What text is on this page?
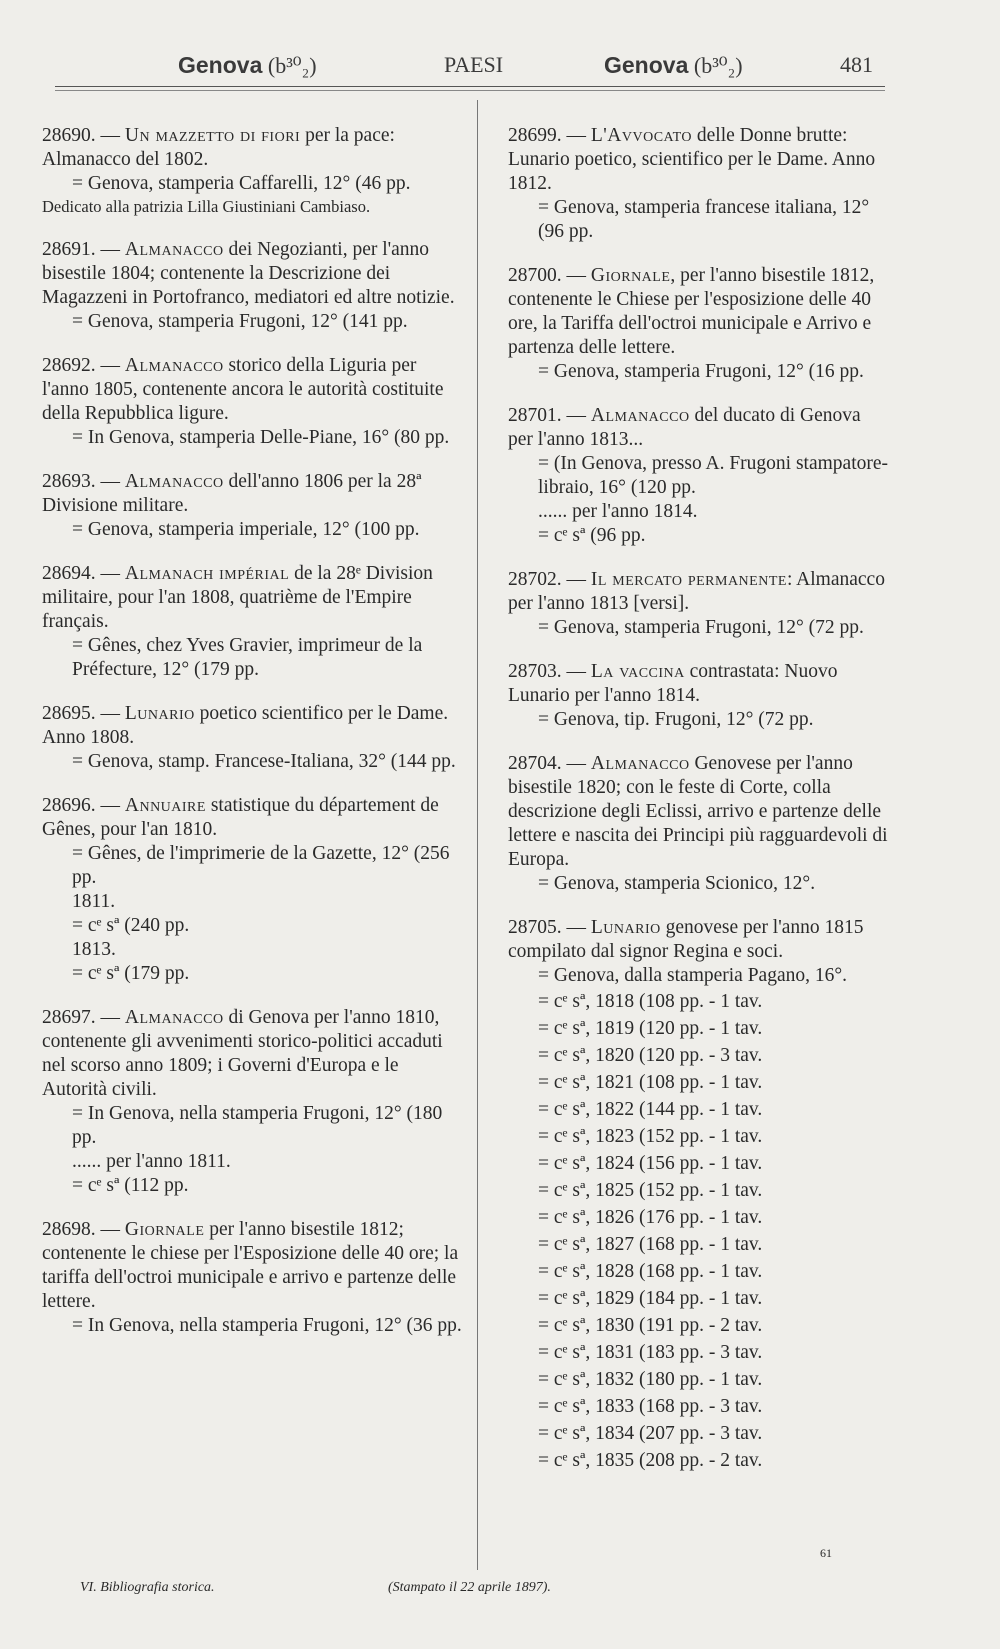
Genova (b³⁰₂)	PAESI	Genova (b³⁰₂)	481

28690. — Un mazzetto di fiori per la pace: Almanacco del 1802.

= Genova, stamperia Caffarelli, 12° (46 pp.

Dedicato alla patrizia Lilla Giustiniani Cambiaso.

28691. — Almanacco dei Negozianti, per l'anno bisestile 1804; contenente la Descrizione dei Magazzeni in Portofranco, mediatori ed altre notizie.

= Genova, stamperia Frugoni, 12° (141 pp.

28692. — Almanacco storico della Liguria per l'anno 1805, contenente ancora le autorità costituite della Repubblica ligure.

= In Genova, stamperia Delle-Piane, 16° (80 pp.

28693. — Almanacco dell'anno 1806 per la 28ª Divisione militare.

= Genova, stamperia imperiale, 12° (100 pp.

28694. — Almanach impérial de la 28ᵉ Division militaire, pour l'an 1808, quatrième de l'Empire français.

= Gênes, chez Yves Gravier, imprimeur de la Préfecture, 12° (179 pp.

28695. — Lunario poetico scientifico per le Dame. Anno 1808.

= Genova, stamp. Francese-Italiana, 32° (144 pp.

28696. — Annuaire statistique du département de Gênes, pour l'an 1810.

= Gênes, de l'imprimerie de la Gazette, 12° (256 pp.

1811.

= cᵉ sª (240 pp.

1813.

= cᵉ sª (179 pp.

28697. — Almanacco di Genova per l'anno 1810, contenente gli avvenimenti storico-politici accaduti nel scorso anno 1809; i Governi d'Europa e le Autorità civili.

= In Genova, nella stamperia Frugoni, 12° (180 pp.

...... per l'anno 1811.

= cᵉ sª (112 pp.

28698. — Giornale per l'anno bisestile 1812; contenente le chiese per l'Esposizione delle 40 ore; la tariffa dell'octroi municipale e arrivo e partenze delle lettere.

= In Genova, nella stamperia Frugoni, 12° (36 pp.

28699. — L'Avvocato delle Donne brutte: Lunario poetico, scientifico per le Dame. Anno 1812.

= Genova, stamperia francese italiana, 12° (96 pp.

28700. — Giornale, per l'anno bisestile 1812, contenente le Chiese per l'esposizione delle 40 ore, la Tariffa dell'octroi municipale e Arrivo e partenza delle lettere.

= Genova, stamperia Frugoni, 12° (16 pp.

28701. — Almanacco del ducato di Genova per l'anno 1813...

= (In Genova, presso A. Frugoni stampatore-libraio, 16° (120 pp.

...... per l'anno 1814.

= cᵉ sª (96 pp.

28702. — Il mercato permanente: Almanacco per l'anno 1813 [versi].

= Genova, stamperia Frugoni, 12° (72 pp.

28703. — La vaccina contrastata: Nuovo Lunario per l'anno 1814.

= Genova, tip. Frugoni, 12° (72 pp.

28704. — Almanacco Genovese per l'anno bisestile 1820; con le feste di Corte, colla descrizione degli Eclissi, arrivo e partenze delle lettere e nascita dei Principi più ragguardevoli di Europa.

= Genova, stamperia Scionico, 12°.

28705. — Lunario genovese per l'anno 1815 compilato dal signor Regina e soci.

= Genova, dalla stamperia Pagano, 16°.

= cᵉ sª, 1818 (108 pp. - 1 tav.

= cᵉ sª, 1819 (120 pp. - 1 tav.

= cᵉ sª, 1820 (120 pp. - 3 tav.

= cᵉ sª, 1821 (108 pp. - 1 tav.

= cᵉ sª, 1822 (144 pp. - 1 tav.

= cᵉ sª, 1823 (152 pp. - 1 tav.

= cᵉ sª, 1824 (156 pp. - 1 tav.

= cᵉ sª, 1825 (152 pp. - 1 tav.

= cᵉ sª, 1826 (176 pp. - 1 tav.

= cᵉ sª, 1827 (168 pp. - 1 tav.

= cᵉ sª, 1828 (168 pp. - 1 tav.

= cᵉ sª, 1829 (184 pp. - 1 tav.

= cᵉ sª, 1830 (191 pp. - 2 tav.

= cᵉ sª, 1831 (183 pp. - 3 tav.

= cᵉ sª, 1832 (180 pp. - 1 tav.

= cᵉ sª, 1833 (168 pp. - 3 tav.

= cᵉ sª, 1834 (207 pp. - 3 tav.

= cᵉ sª, 1835 (208 pp. - 2 tav.

VI. Bibliografia storica.	(Stampato il 22 aprile 1897).
61
